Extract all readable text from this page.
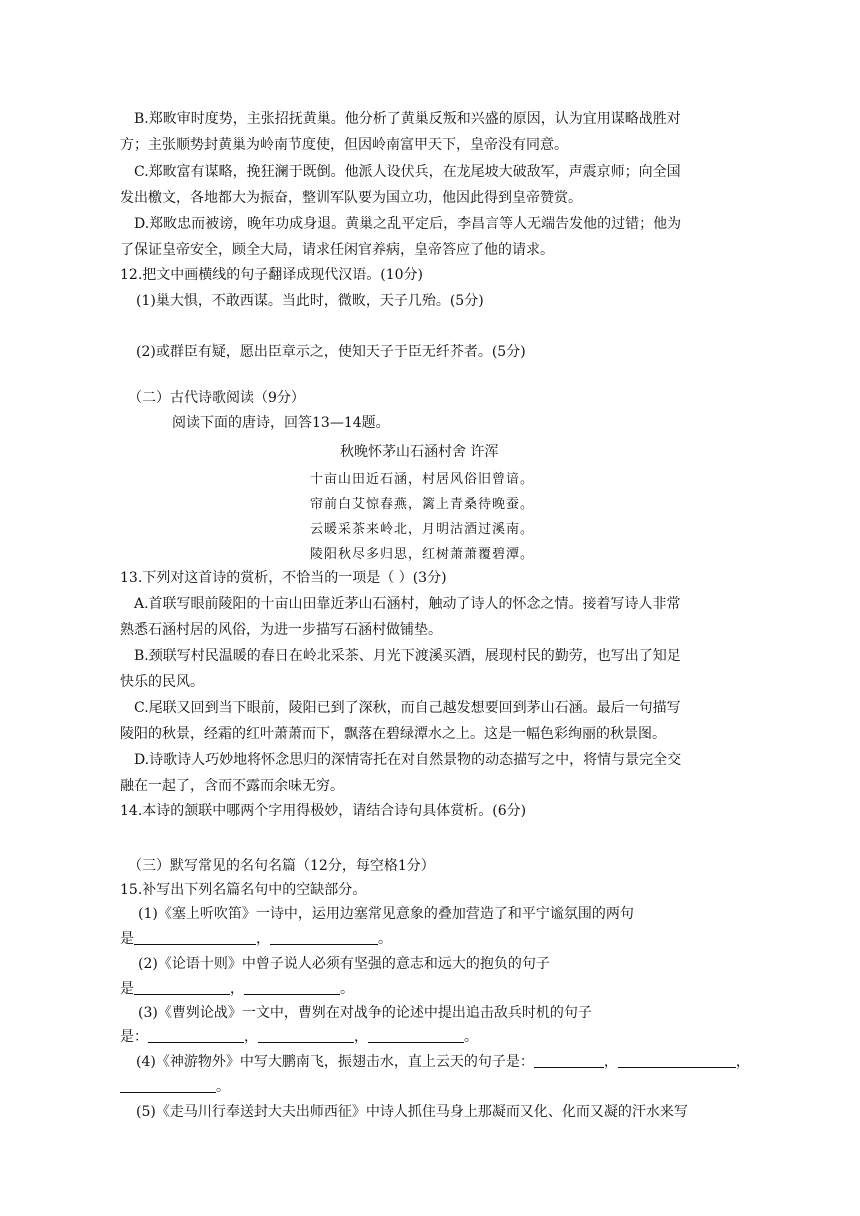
B.郑畋审时度势，主张招抚黄巢。他分析了黄巢反叛和兴盛的原因，认为宜用谋略战胜对
方；主张顺势封黄巢为岭南节度使，但因岭南富甲天下，皇帝没有同意。
C.郑畋富有谋略，挽狂澜于既倒。他派人设伏兵，在龙尾坡大破敌军，声震京师；向全国
发出檄文，各地都大为振奋，整训军队要为国立功，他因此得到皇帝赞赏。
D.郑畋忠而被谤，晚年功成身退。黄巢之乱平定后，李昌言等人无端告发他的过错；他为
了保证皇帝安全，顾全大局，请求任闲官养病，皇帝答应了他的请求。
12.把文中画横线的句子翻译成现代汉语。(10分)
(1)巢大惧，不敢西谋。当此时，微畋，天子几殆。(5分)
(2)或群臣有疑，愿出臣章示之，使知天子于臣无纤芥者。(5分)
（二）古代诗歌阅读（9分）
阅读下面的唐诗，回答13—14题。
秋晚怀茅山石涵村舍 许浑
十亩山田近石涵，村居风俗旧曾谙。
帘前白艾惊春燕，篱上青桑待晚蚕。
云暖采茶来岭北，月明沽酒过溪南。
陵阳秋尽多归思，红树萧萧覆碧潭。
13.下列对这首诗的赏析，不恰当的一项是（ ）(3分)
A.首联写眼前陵阳的十亩山田靠近茅山石涵村，触动了诗人的怀念之情。接着写诗人非常
熟悉石涵村居的风俗，为进一步描写石涵村做铺垫。
B.颈联写村民温暖的春日在岭北采茶、月光下渡溪买酒，展现村民的勤劳，也写出了知足
快乐的民风。
C.尾联又回到当下眼前，陵阳已到了深秋，而自己越发想要回到茅山石涵。最后一句描写
陵阳的秋景，经霜的红叶萧萧而下，飘落在碧绿潭水之上。这是一幅色彩绚丽的秋景图。
D.诗歌诗人巧妙地将怀念思归的深情寄托在对自然景物的动态描写之中，将情与景完全交
融在一起了，含而不露而余味无穷。
14.本诗的颔联中哪两个字用得极妙，请结合诗句具体赏析。(6分)
（三）默写常见的名句名篇（12分，每空格1分）
15.补写出下列名篇名句中的空缺部分。
(1)《塞上听吹笛》一诗中，运用边塞常见意象的叠加营造了和平宁谧氛围的两句
是	，	。
(2)《论语十则》中曾子说人必须有坚强的意志和远大的抱负的句子
是	，	。
(3)《曹刿论战》一文中，曹刿在对战争的论述中提出追击敌兵时机的句子
是：	，	，	。
(4)《神游物外》中写大鹏南飞，振翅击水，直上云天的句子是：	，	，
。
(5)《走马川行奉送封大夫出师西征》中诗人抓住马身上那凝而又化、化而又凝的汗水来写
